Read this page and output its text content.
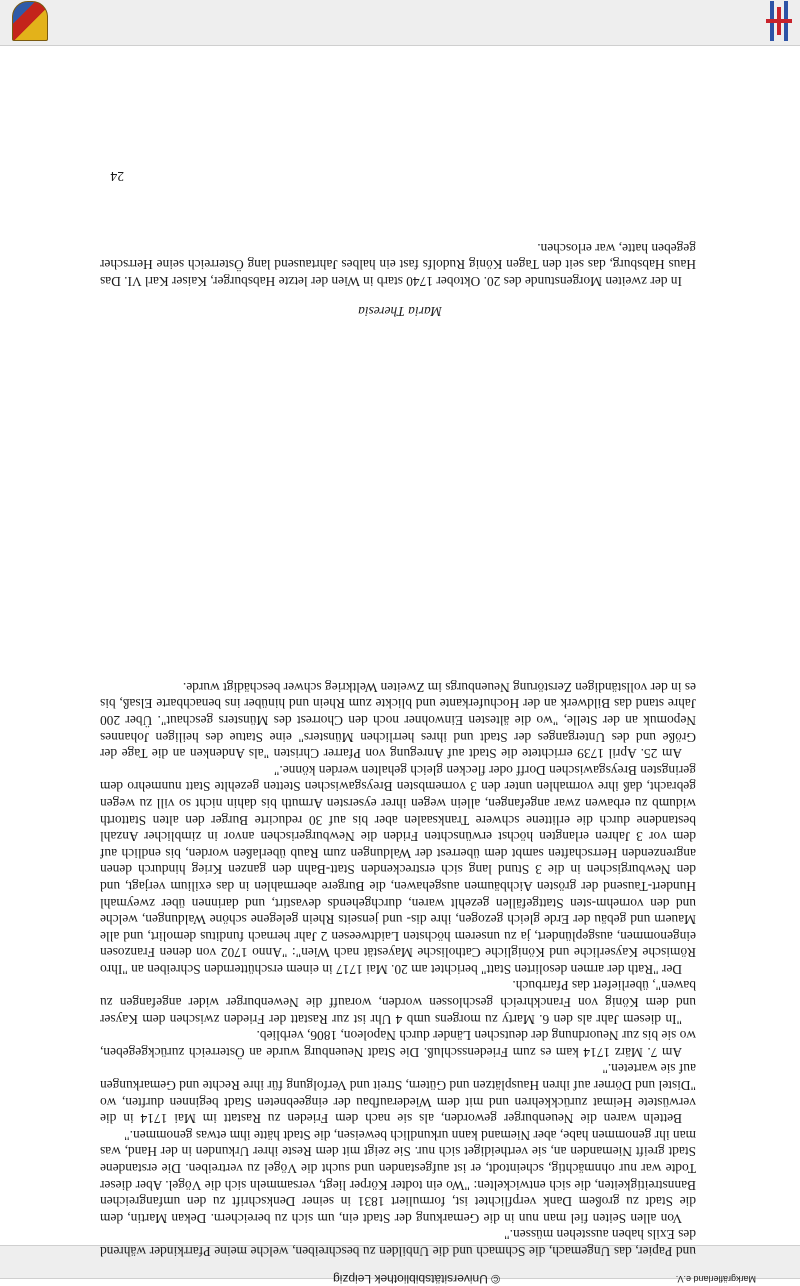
© Universitätsbibliothek Leipzig	Markgräflerland e.V.

und Papier, das Ungemach, die Schmach und die Unbilden zu beschreiben, welche meine Pfarrkinder während des Exils haben ausstehen müssen."

Von allen Seiten fiel man nun in die Gemarkung der Stadt ein, um sich zu bereichern. Dekan Martin, dem die Stadt zu großem Dank verpflichtet ist, formuliert 1831 in seiner Denkschrift zu den umfangreichen Bannstreitigkeiten, die sich entwickelten: "Wo ein todter Körper liegt, versammeln sich die Vögel. Aber dieser Todte war nur ohnmächtig, scheintodt, er ist aufgestanden und sucht die Vögel zu vertreiben. Die erstandene Stadt greift Niemanden an, sie vertheidiget sich nur. Sie zeigt mit dem Reste ihrer Urkunden in der Hand, was man ihr genommen habe, aber Niemand kann urkundlich beweisen, die Stadt hätte ihm etwas genommen."

Betteln waren die Neuenburger geworden, als sie nach dem Frieden zu Rastatt im Mai 1714 in die verwüstete Heimat zurückkehren und mit dem Wiederaufbau der eingeebneten Stadt beginnen durften, wo "Distel und Dörner auf ihren Hausplätzen und Gütern, Streit und Verfolgung für ihre Rechte und Gemarkungen auf sie warteten."

Am 7. März 1714 kam es zum Friedensschluß. Die Stadt Neuenburg wurde an Österreich zurückgegeben, wo sie bis zur Neuordnung der deutschen Länder durch Napoleon, 1806, verblieb.

"In diesem Jahr als den 6. Marty zu morgens umb 4 Uhr ist zur Rastatt der Frieden zwischen dem Kayser und dem König von Franckhreich geschlossen worden, worauff die Newenburger wider angefangen zu bawen", überliefert das Pfarrbuch.

Der "Rath der armen desolirten Statt" berichtet am 20. Mai 1717 in einem erschütternden Schreiben an "Ihro Römische Kayserliche und Königliche Catholische Mayestät nach Wien": "Anno 1702 von denen Franzosen eingenommen, ausgeplündert, ja zu unserem höchsten Laidtweesen 2 Jahr hernach funditus demolirt, und alle Mauern und gebäu der Erde gleich gezogen, ihre dis- und jenseits Rhein gelegene schöne Waldungen, welche und den vornehm-sten Stattgefällen gezehlt waren, durchgehends devastirt, und darinnen über zweymahl Hundert-Tausend der grösten Aichbäumen ausgehawen, die Burgere abermahlen in das exilium verjagt, und den Newburgischen in die 3 Stund lang sich erstreckenden Statt-Bahn den ganzen Krieg hindurch denen angrenzenden Herrschaften sambt dem überrest der Waldungen zum Raub überlaßen worden, bis endlich auf dem vor 3 Jahren erlangten höchst erwünschten Friden die Newburgerischen anvor in zimblicher Anzahl bestandene durch die erlittene schwere Tranksaalen aber bis auf 30 reducirte Burger den alten Stattorth widumb zu erbawen zwar angefangen, allein wegen ihrer eysersten Armuth bis dahin nicht so vill zu wegen gebracht, daß ihre vormahlen unter den 3 vornembsten Breysgawischen Stetten gezehlte Statt nunmehro dem geringsten Breysgawischen Dorff oder flecken gleich gehalten werden könne."

Am 25. April 1739 errichtete die Stadt auf Anregung von Pfarrer Christen "als Andenken an die Tage der Größe und des Unterganges der Stadt und ihres herrlichen Münsters" eine Statue des heiligen Johannes Nepomuk an der Stelle, "wo die ältesten Einwohner noch den Chorrest des Münsters geschaut". Über 200 Jahre stand das Bildwerk an der Hochuferkante und blickte zum Rhein und hinüber ins benachbarte Elsaß, bis es in der vollständigen Zerstörung Neuenburgs im Zweiten Weltkrieg schwer beschädigt wurde.

Maria Theresia
In der zweiten Morgenstunde des 20. Oktober 1740 starb in Wien der letzte Habsburger, Kaiser Karl VI. Das Haus Habsburg, das seit den Tagen König Rudolfs fast ein halbes Jahrtausend lang Österreich seine Herrscher gegeben hatte, war erloschen.
24
